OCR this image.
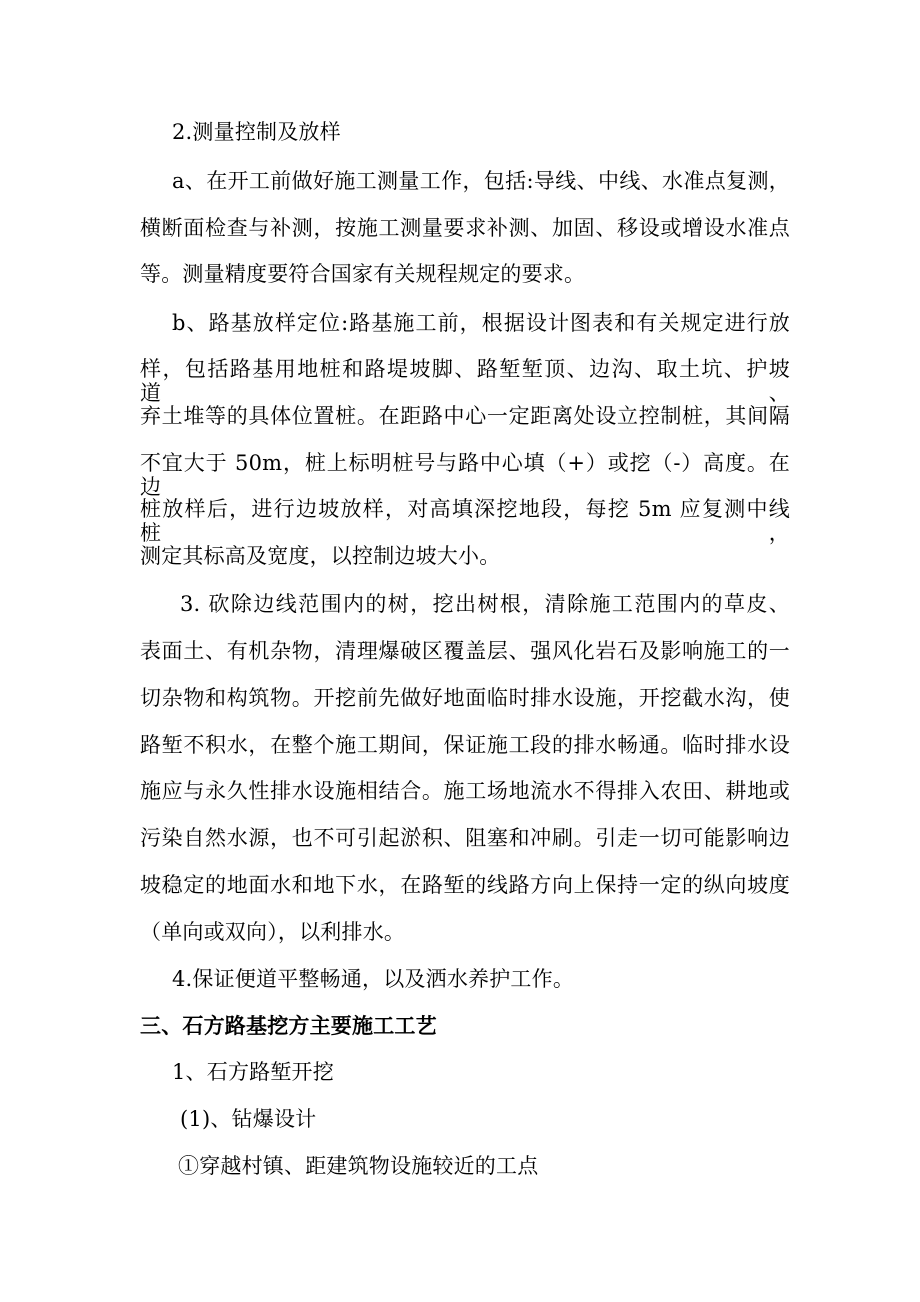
2.测量控制及放样
a、在开工前做好施工测量工作，包括:导线、中线、水准点复测，
横断面检查与补测，按施工测量要求补测、加固、移设或增设水准点
等。测量精度要符合国家有关规程规定的要求。
b、路基放样定位:路基施工前，根据设计图表和有关规定进行放
样，包括路基用地桩和路堤坡脚、路堑堑顶、边沟、取土坑、护坡道、
弃土堆等的具体位置桩。在距路中心一定距离处设立控制桩，其间隔
不宜大于 50m，桩上标明桩号与路中心填（+）或挖（-）高度。在边
桩放样后，进行边坡放样，对高填深挖地段，每挖 5m 应复测中线桩，
测定其标高及宽度，以控制边坡大小。
3. 砍除边线范围内的树，挖出树根，清除施工范围内的草皮、
表面土、有机杂物，清理爆破区覆盖层、强风化岩石及影响施工的一
切杂物和构筑物。开挖前先做好地面临时排水设施，开挖截水沟，使
路堑不积水，在整个施工期间，保证施工段的排水畅通。临时排水设
施应与永久性排水设施相结合。施工场地流水不得排入农田、耕地或
污染自然水源，也不可引起淤积、阻塞和冲刷。引走一切可能影响边
坡稳定的地面水和地下水，在路堑的线路方向上保持一定的纵向坡度
（单向或双向），以利排水。
4.保证便道平整畅通，以及洒水养护工作。
三、石方路基挖方主要施工工艺
1、石方路堑开挖
(1)、钻爆设计
①穿越村镇、距建筑物设施较近的工点
